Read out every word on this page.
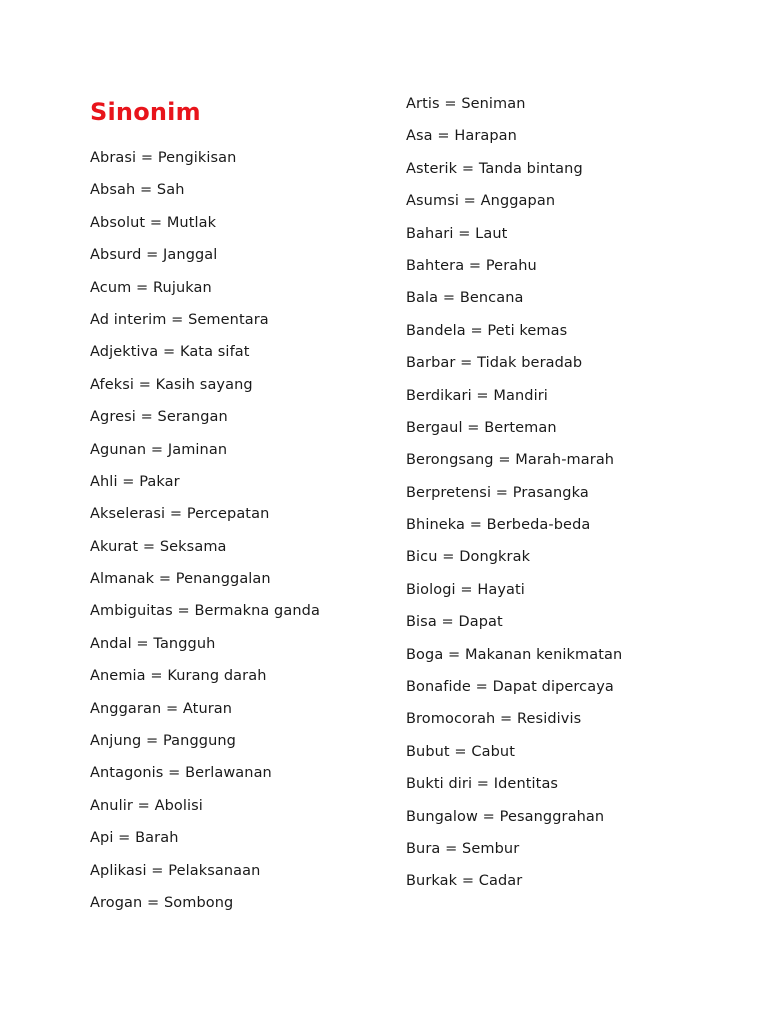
Sinonim
Abrasi = Pengikisan
Absah = Sah
Absolut = Mutlak
Absurd = Janggal
Acum = Rujukan
Ad interim = Sementara
Adjektiva = Kata sifat
Afeksi = Kasih sayang
Agresi = Serangan
Agunan = Jaminan
Ahli = Pakar
Akselerasi = Percepatan
Akurat = Seksama
Almanak = Penanggalan
Ambiguitas = Bermakna ganda
Andal = Tangguh
Anemia = Kurang darah
Anggaran = Aturan
Anjung = Panggung
Antagonis = Berlawanan
Anulir = Abolisi
Api = Barah
Aplikasi = Pelaksanaan
Arogan = Sombong
Artis = Seniman
Asa = Harapan
Asterik = Tanda bintang
Asumsi = Anggapan
Bahari = Laut
Bahtera = Perahu
Bala = Bencana
Bandela = Peti kemas
Barbar = Tidak beradab
Berdikari = Mandiri
Bergaul = Berteman
Berongsang = Marah-marah
Berpretensi = Prasangka
Bhineka = Berbeda-beda
Bicu = Dongkrak
Biologi = Hayati
Bisa = Dapat
Boga = Makanan kenikmatan
Bonafide = Dapat dipercaya
Bromocorah = Residivis
Bubut = Cabut
Bukti diri = Identitas
Bungalow = Pesanggrahan
Bura = Sembur
Burkak = Cadar
